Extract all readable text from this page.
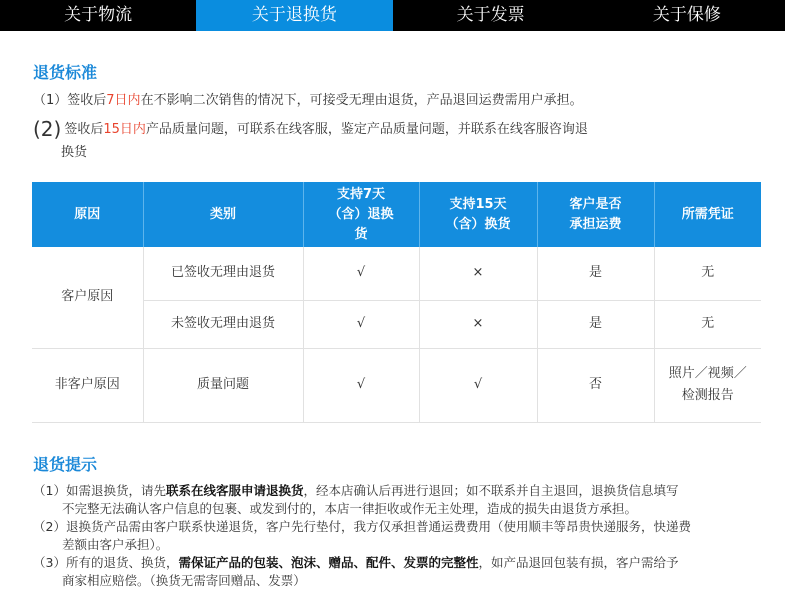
关于物流	关于退换货	关于发票	关于保修
退货标准
（1）签收后7日内在不影响二次销售的情况下，可接受无理由退货，产品退回运费需用户承担。
(2) 签收后15日内产品质量问题，可联系在线客服，鉴定产品质量问题，并联系在线客服咨询退
换货
原因	类别	支持7天（含）退换货	支持15天（含）换货	客户是否承担运费	所需凭证
客户原因	已签收无理由退货	√	×	是	无
	未签收无理由退货	√	×	是	无
非客户原因	质量问题	√	√	否	照片／视频／检测报告
退货提示
（1）如需退换货，请先联系在线客服申请退换货，经本店确认后再进行退回；如不联系并自主退回，退换货信息填写
不完整无法确认客户信息的包裹、或发到付的，本店一律拒收或作无主处理，造成的损失由退货方承担。
（2）退换货产品需由客户联系快递退货，客户先行垫付，我方仅承担普通运费费用（使用顺丰等昂贵快递服务，快递费
差额由客户承担）。
（3）所有的退货、换货，需保证产品的包装、泡沫、赠品、配件、发票的完整性，如产品退回包装有损，客户需给予
商家相应赔偿。（换货无需寄回赠品、发票）
